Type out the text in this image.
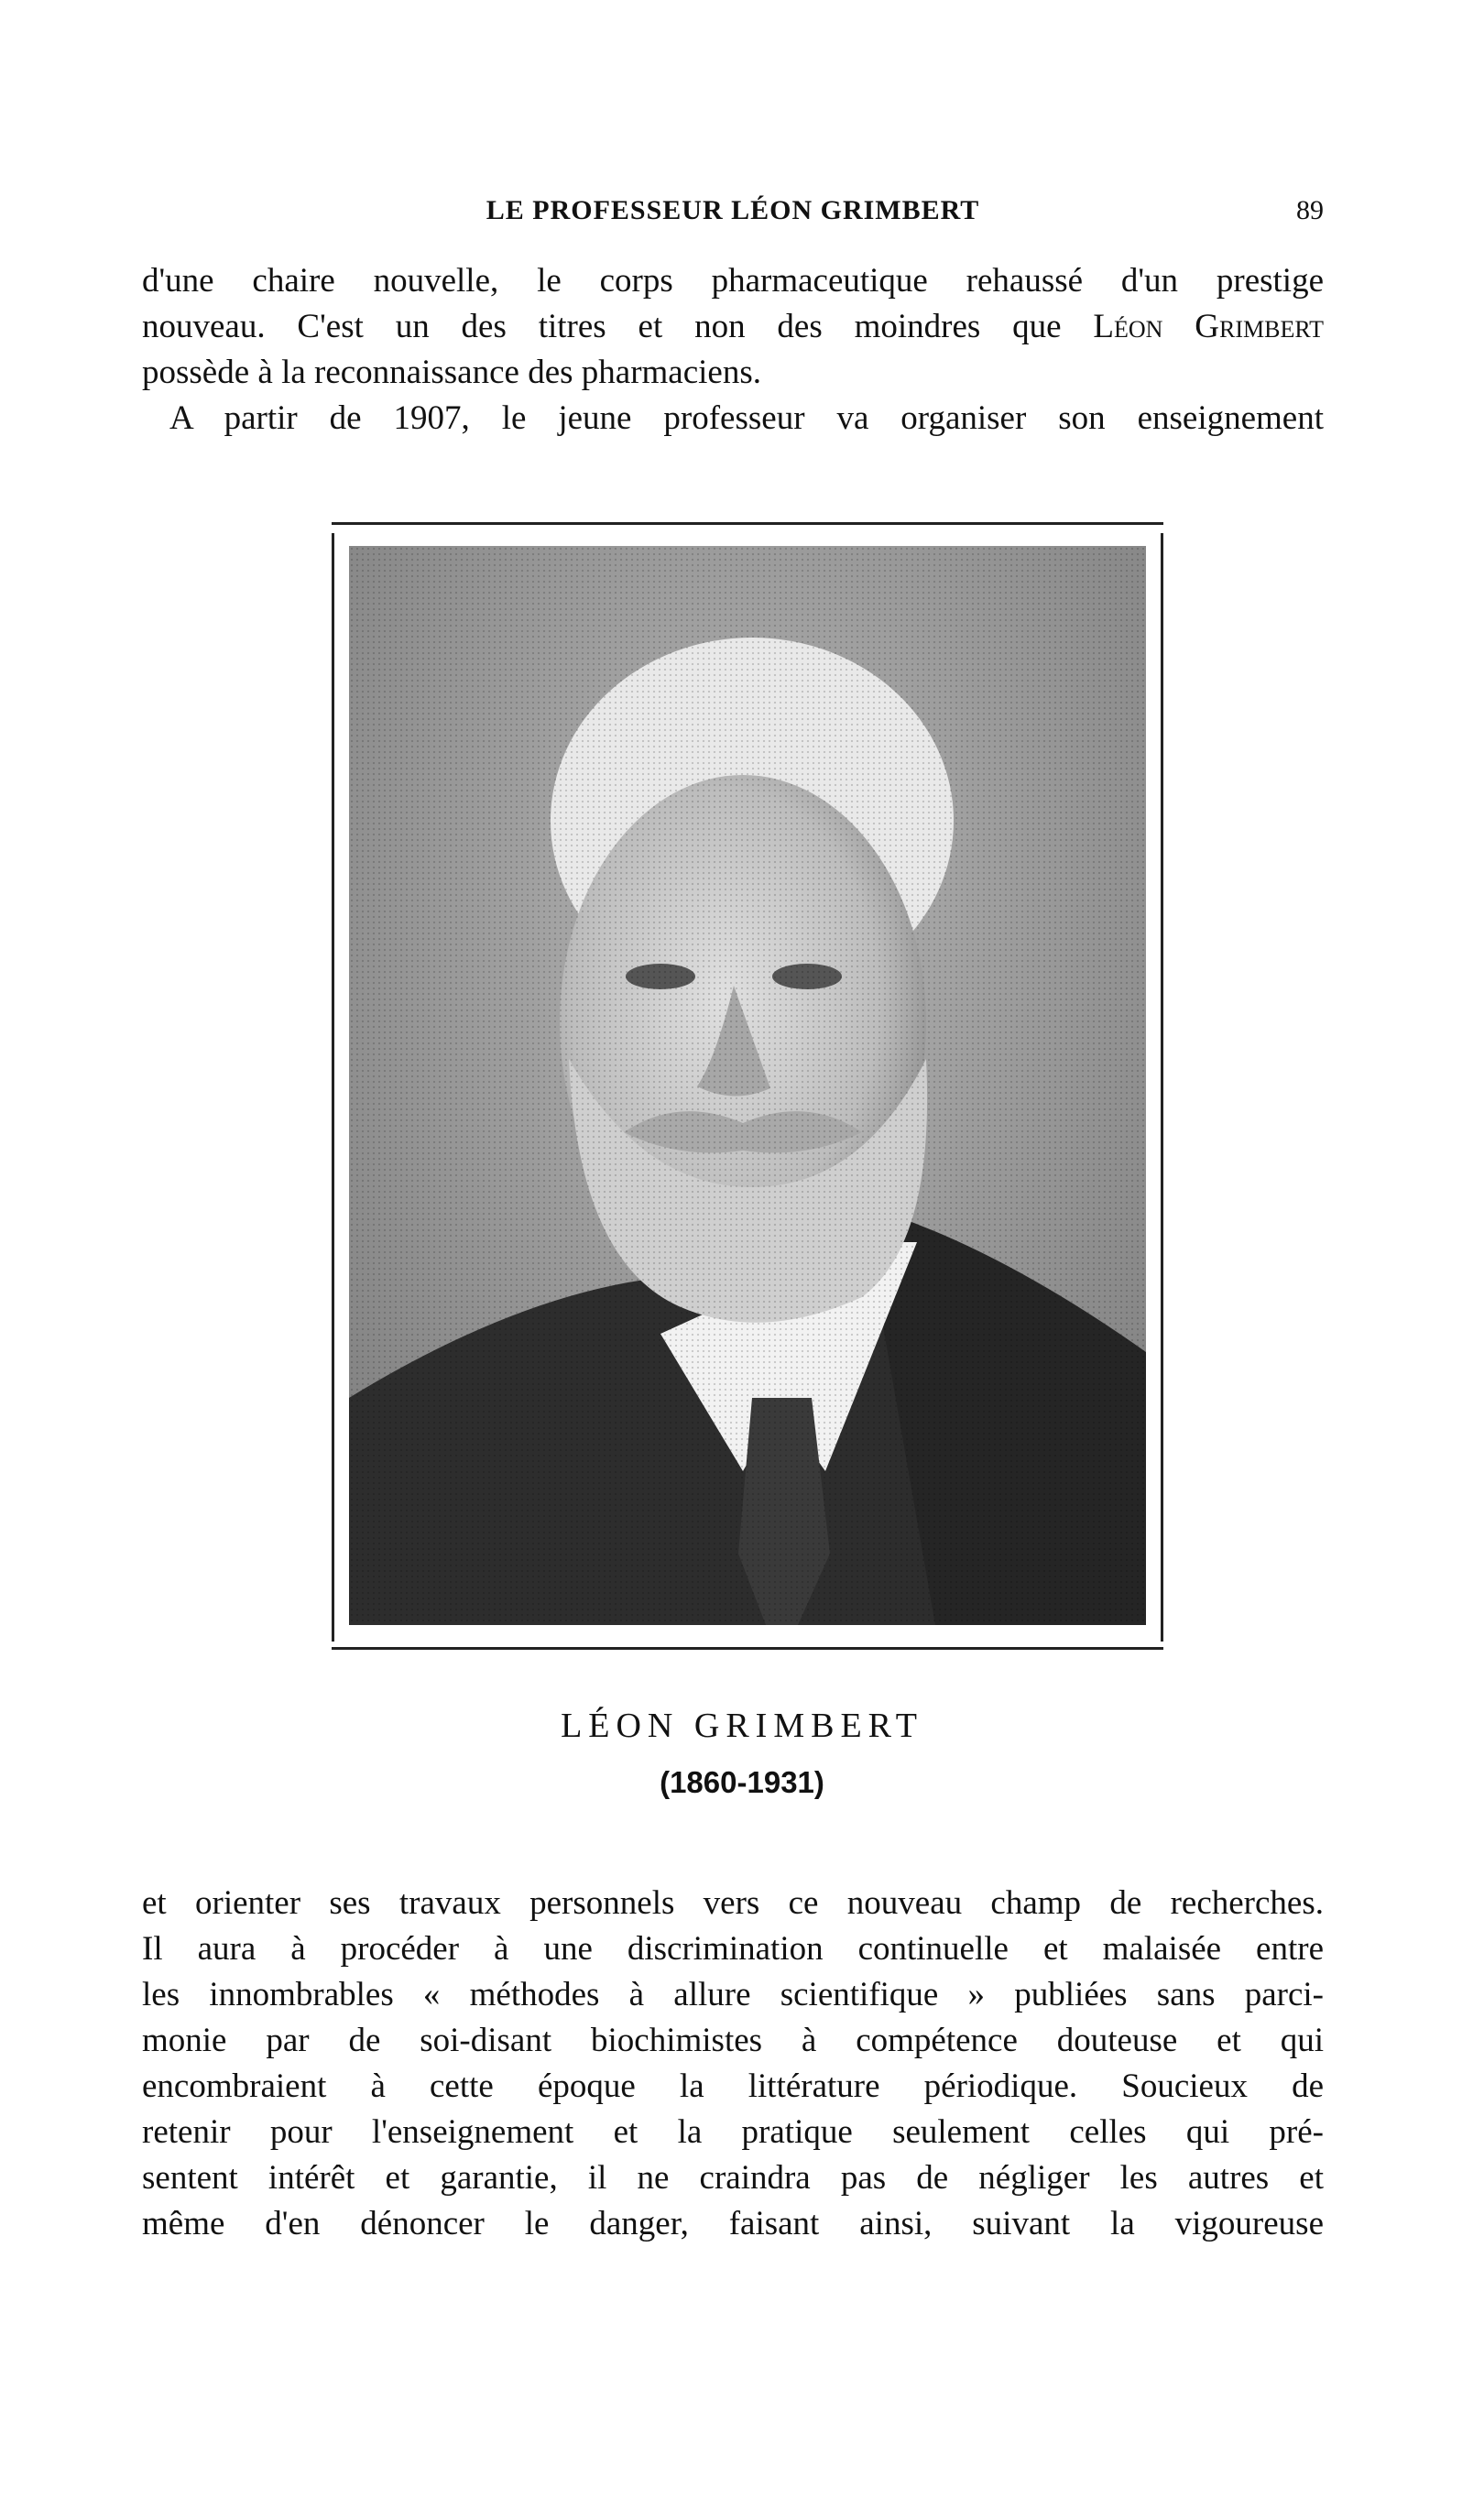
LE PROFESSEUR LÉON GRIMBERT	89

d'une chaire nouvelle, le corps pharmaceutique rehaussé d'un prestige
nouveau. C'est un des titres et non des moindres que Léon Grimbert
possède à la reconnaissance des pharmaciens.

A partir de 1907, le jeune professeur va organiser son enseignement

LÉON GRIMBERT
(1860-1931)

et orienter ses travaux personnels vers ce nouveau champ de recherches.
Il aura à procéder à une discrimination continuelle et malaisée entre
les innombrables « méthodes à allure scientifique » publiées sans parci-
monie par de soi-disant biochimistes à compétence douteuse et qui
encombraient à cette époque la littérature périodique. Soucieux de
retenir pour l'enseignement et la pratique seulement celles qui pré-
sentent intérêt et garantie, il ne craindra pas de négliger les autres et
même d'en dénoncer le danger, faisant ainsi, suivant la vigoureuse
